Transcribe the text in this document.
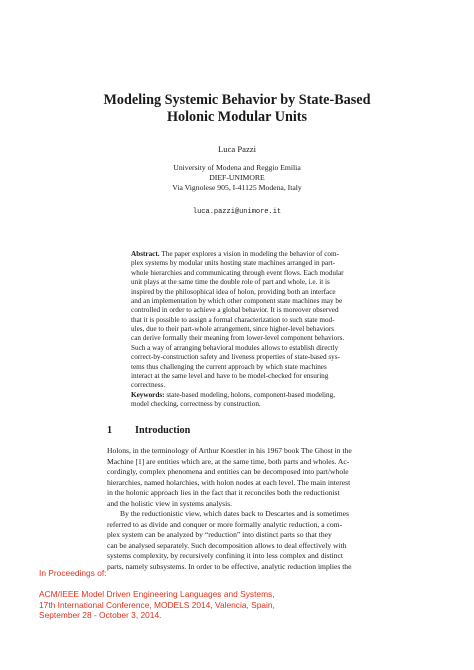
Modeling Systemic Behavior by State-Based
Holonic Modular Units
Luca Pazzi
University of Modena and Reggio Emilia
DIEF-UNIMORE
Via Vignolese 905, I-41125 Modena, Italy
luca.pazzi@unimore.it
Abstract. The paper explores a vision in modeling the behavior of com-
plex systems by modular units hosting state machines arranged in part-
whole hierarchies and communicating through event flows. Each modular
unit plays at the same time the double role of part and whole, i.e. it is
inspired by the philosophical idea of holon, providing both an interface
and an implementation by which other component state machines may be
controlled in order to achieve a global behavior. It is moreover observed
that it is possible to assign a formal characterization to such state mod-
ules, due to their part-whole arrangement, since higher-level behaviors
can derive formally their meaning from lower-level component behaviors.
Such a way of arranging behavioral modules allows to establish directly
correct-by-construction safety and liveness properties of state-based sys-
tems thus challenging the current approach by which state machines
interact at the same level and have to be model-checked for ensuring
correctness.
Keywords: state-based modeling, holons, component-based modeling,
model checking, correctness by construction.
1 Introduction
Holons, in the terminology of Arthur Koestler in his 1967 book The Ghost in the
Machine [1] are entities which are, at the same time, both parts and wholes. Ac-
cordingly, complex phenomena and entities can be decomposed into part/whole
hierarchies, named holarchies, with holon nodes at each level. The main interest
in the holonic approach lies in the fact that it reconciles both the reductionist
and the holistic view in systems analysis.
By the reductionistic view, which dates back to Descartes and is sometimes
referred to as divide and conquer or more formally analytic reduction, a com-
plex system can be analyzed by “reduction” into distinct parts so that they
can be analysed separately. Such decomposition allows to deal effectively with
systems complexity, by recursively confining it into less complex and distinct
parts, namely subsystems. In order to be effective, analytic reduction implies the
In Proceedings of:
ACM/IEEE Model Driven Engineering Languages and Systems,
17th International Conference, MODELS 2014, Valencia, Spain,
September 28 - October 3, 2014.
